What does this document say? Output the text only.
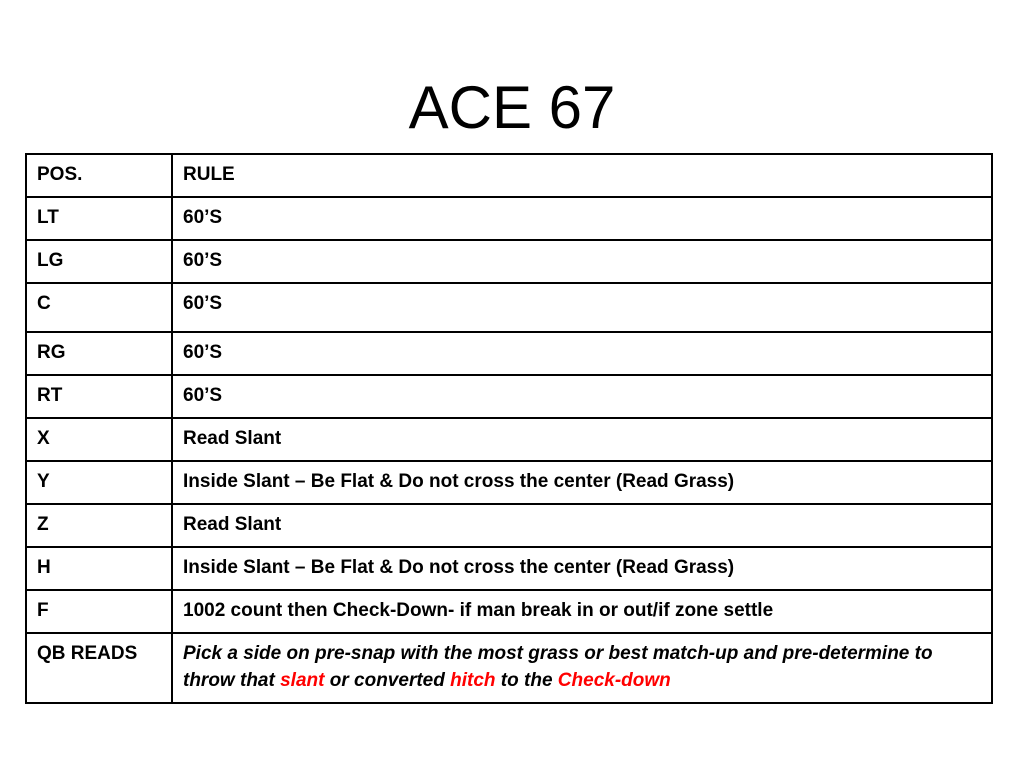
ACE 67
POS.	RULE
LT	60’S
LG	60’S
C	60’S
RG	60’S
RT	60’S
X	Read Slant
Y	Inside Slant – Be Flat & Do not cross the center (Read Grass)
Z	Read Slant
H	Inside Slant – Be Flat & Do not cross the center (Read Grass)
F	1002 count then Check-Down- if man break in or out/if zone settle
QB READS	Pick a side on pre-snap with the most grass or best match-up and pre-determine to throw that slant or converted hitch to the Check-down
